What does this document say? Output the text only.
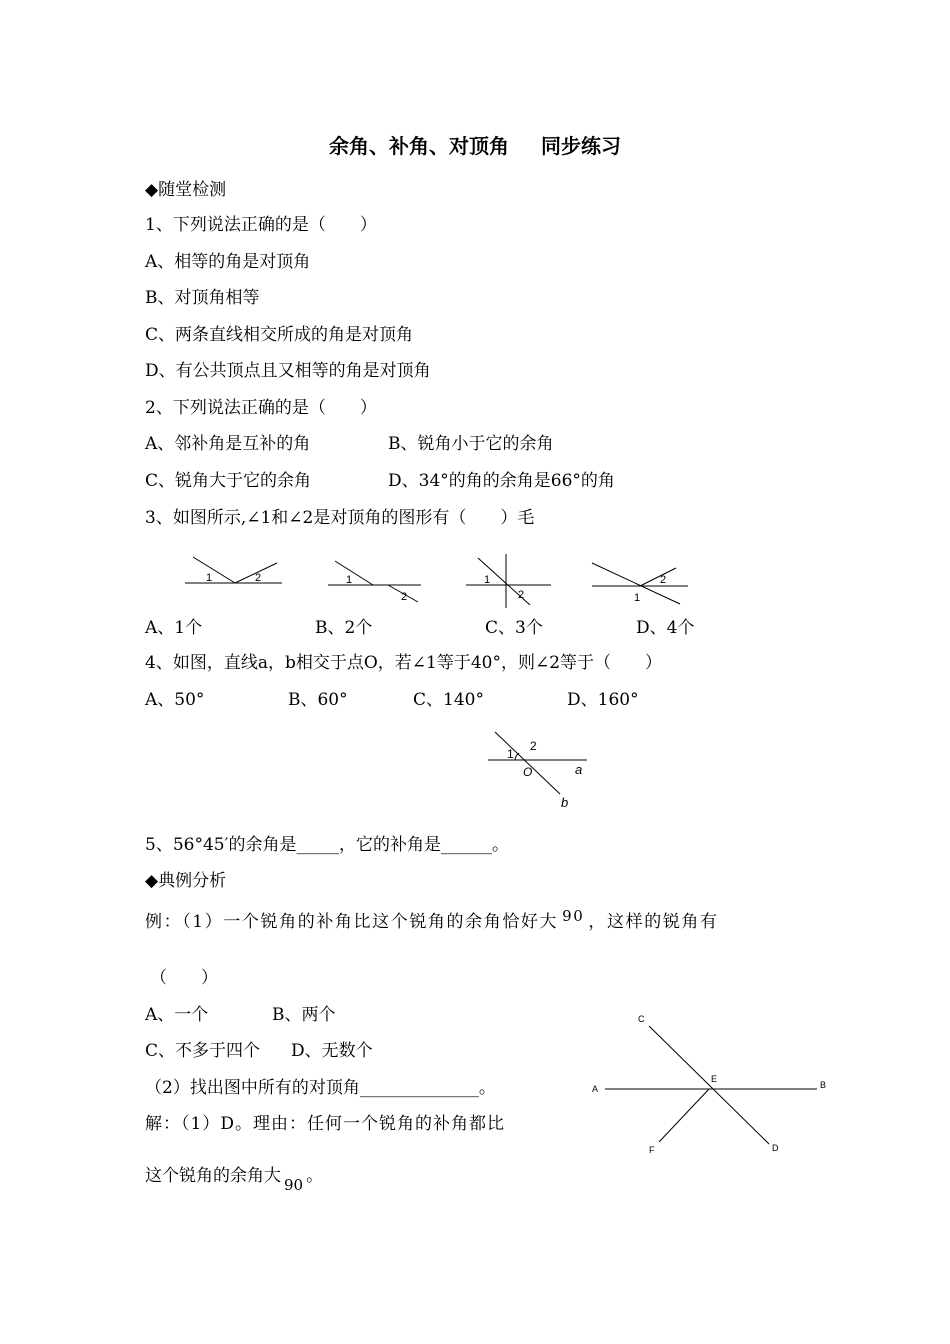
余角、补角、对顶角 同步练习
◆随堂检测
1、下列说法正确的是（　　）
A、相等的角是对顶角
B、对顶角相等
C、两条直线相交所成的角是对顶角
D、有公共顶点且又相等的角是对顶角
2、下列说法正确的是（　　）
A、邻补角是互补的角	B、锐角小于它的余角
C、锐角大于它的余角	D、34°的角的余角是66°的角
3、如图所示,∠1和∠2是对顶角的图形有（　　）毛
1	2	1
2
1
2
2
1
A、1个	B、2个	C、3个	D、4个
4、如图，直线a，b相交于点O，若∠1等于40°，则∠2等于（　　）
A、50°	B、60°	C、140°	D、160°
1
2
O	a
b
5、56°45′的余角是_____，它的补角是______。
◆典例分析
例：（1）一个锐角的补角比这个锐角的余角恰好大 90 ，这样的锐角有
（　　）
A、一个	B、两个
C、不多于四个 D、无数个
（2）找出图中所有的对顶角______________。
解：（1）D。理由：任何一个锐角的补角都比
这个锐角的余角大 90 。
C
A
E
B
F	D
